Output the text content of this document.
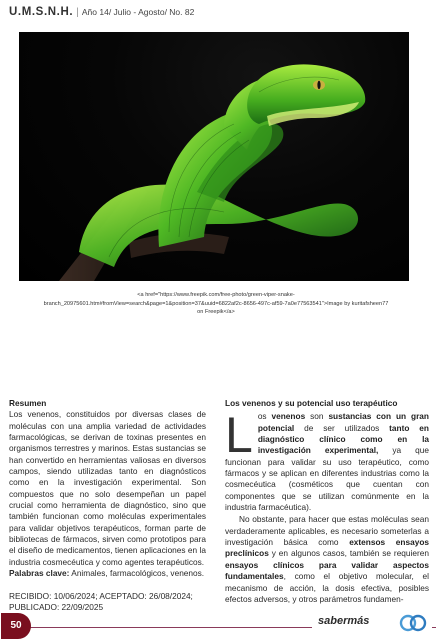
U.M.S.N.H. | Año 14/ Julio - Agosto/ No. 82
<a href="https://www.freepik.com/free-photo/green-viper-snake-branch_20975601.htm#fromView=search&page=1&position=37&uuid=6822af2c-8656-497c-af59-7a0e77563541">Image by kuritafsheen77 on Freepik</a>
Resumen

Los venenos, constituidos por diversas clases de moléculas con una amplia variedad de actividades farmacológicas, se derivan de toxinas presentes en organismos terrestres y marinos. Estas sustancias se han convertido en herramientas valiosas en diversos campos, siendo utilizadas tanto en diagnósticos como en la investigación experimental. Son compuestos que no solo desempeñan un papel crucial como herramienta de diagnóstico, sino que también funcionan como moléculas experimentales para validar objetivos terapéuticos, forman parte de bibliotecas de fármacos, sirven como prototipos para el diseño de medicamentos, tienen aplicaciones en la industria cosmecéutica y como agentes terapéuticos.

Palabras clave: Animales, farmacológicos, venenos.

RECIBIDO: 10/06/2024; ACEPTADO: 26/08/2024;
PUBLICADO: 22/09/2025
Los venenos y su potencial uso terapéutico

Los venenos son sustancias con un gran potencial de ser utilizados tanto en diagnóstico clínico como en la investigación experimental, ya que funcionan para validar su uso terapéutico, como fármacos y se aplican en diferentes industrias como la cosmecéutica (cosméticos que cuentan con componentes que se utilizan comúnmente en la industria farmacéutica).

No obstante, para hacer que estas moléculas sean verdaderamente aplicables, es necesario someterlas a investigación básica como extensos ensayos preclínicos y en algunos casos, también se requieren ensayos clínicos para validar aspectos fundamentales, como el objetivo molecular, el mecanismo de acción, la dosis efectiva, posibles efectos adversos, y otros parámetros fundamen-

50	sabermás
